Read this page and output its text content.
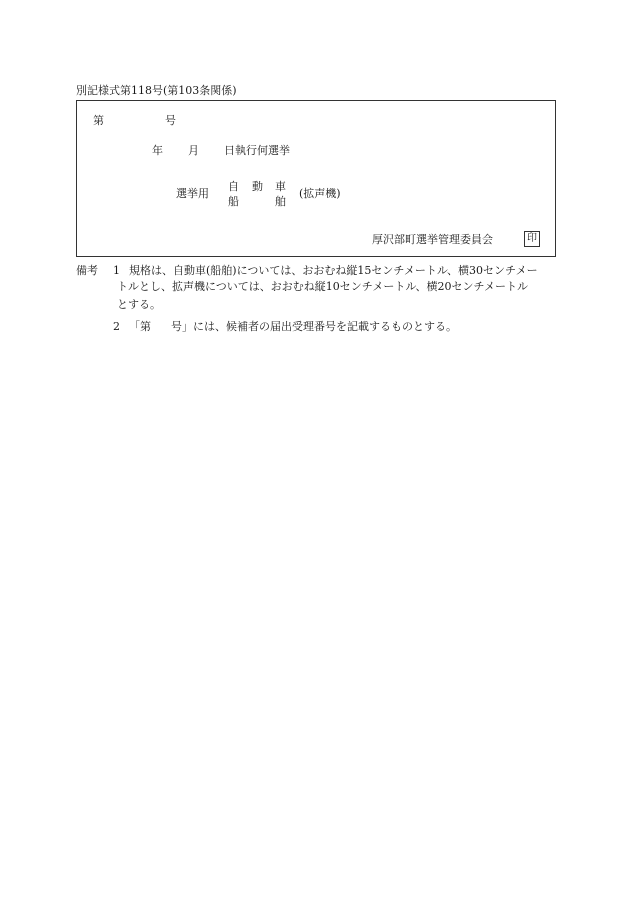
別記様式第118号(第103条関係)
第	号
年 月 日執行何選挙
選挙用
自 動 車
船	舶
(拡声機)
厚沢部町選挙管理委員会	印
備考 1 規格は、自動車(船舶)については、おおむね縦15センチメートル、横30センチメー
トルとし、拡声機については、おおむね縦10センチメートル、横20センチメートル
とする。
2 「第 号」には、候補者の届出受理番号を記載するものとする。
